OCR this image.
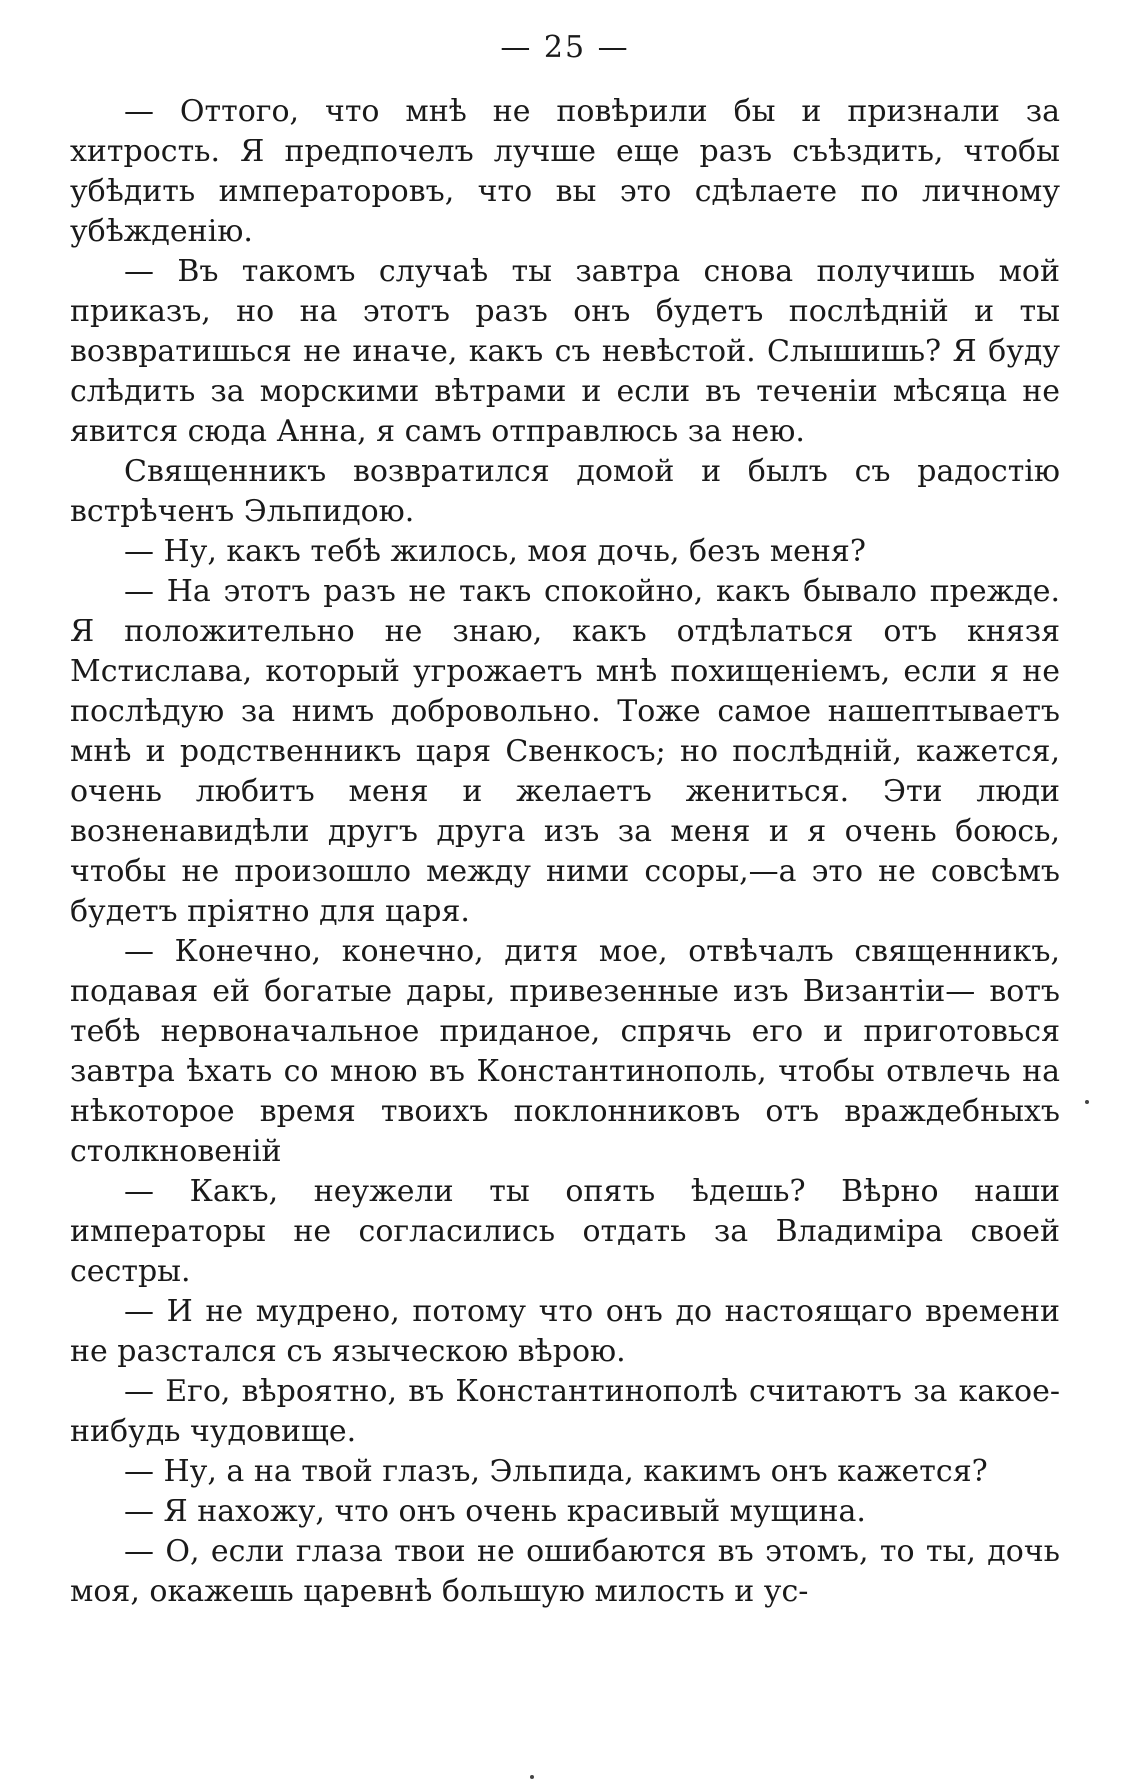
— 25 —

— Оттого, что мнѣ не повѣрили бы и признали за хитрость. Я предпочелъ лучше еще разъ съѣздить, чтобы убѣдить императоровъ, что вы это сдѣлаете по личному убѣжденію.

— Въ такомъ случаѣ ты завтра снова получишь мой приказъ, но на этотъ разъ онъ будетъ послѣдній и ты возвратишься не иначе, какъ съ невѣстой. Слышишь? Я буду слѣдить за морскими вѣтрами и если въ теченіи мѣсяца не явится сюда Анна, я самъ отправлюсь за нею.

Священникъ возвратился домой и былъ съ радостію встрѣченъ Эльпидою.

— Ну, какъ тебѣ жилось, моя дочь, безъ меня?

— На этотъ разъ не такъ спокойно, какъ бывало прежде. Я положительно не знаю, какъ отдѣлаться отъ князя Мстислава, который угрожаетъ мнѣ похищеніемъ, если я не послѣдую за нимъ добровольно. Тоже самое нашептываетъ мнѣ и родственникъ царя Свенкосъ; но послѣдній, кажется, очень любитъ меня и желаетъ жениться. Эти люди возненавидѣли другъ друга изъ за меня и я очень боюсь, чтобы не произошло между ними ссоры,—а это не совсѣмъ будетъ пріятно для царя.

— Конечно, конечно, дитя мое, отвѣчалъ священникъ, подавая ей богатые дары, привезенные изъ Византіи— вотъ тебѣ нервоначальное приданое, спрячь его и приготовься завтра ѣхать со мною въ Константинополь, чтобы отвлечь на нѣкоторое время твоихъ поклонниковъ отъ враждебныхъ столкновеній

— Какъ, неужели ты опять ѣдешь? Вѣрно наши императоры не согласились отдать за Владиміра своей сестры.

— И не мудрено, потому что онъ до настоящаго времени не разстался съ языческою вѣрою.

— Его, вѣроятно, въ Константинополѣ считаютъ за какое-нибудь чудовище.

— Ну, а на твой глазъ, Эльпида, какимъ онъ кажется?

— Я нахожу, что онъ очень красивый мущина.

— О, если глаза твои не ошибаются въ этомъ, то ты, дочь моя, окажешь царевнѣ большую милость и ус-
